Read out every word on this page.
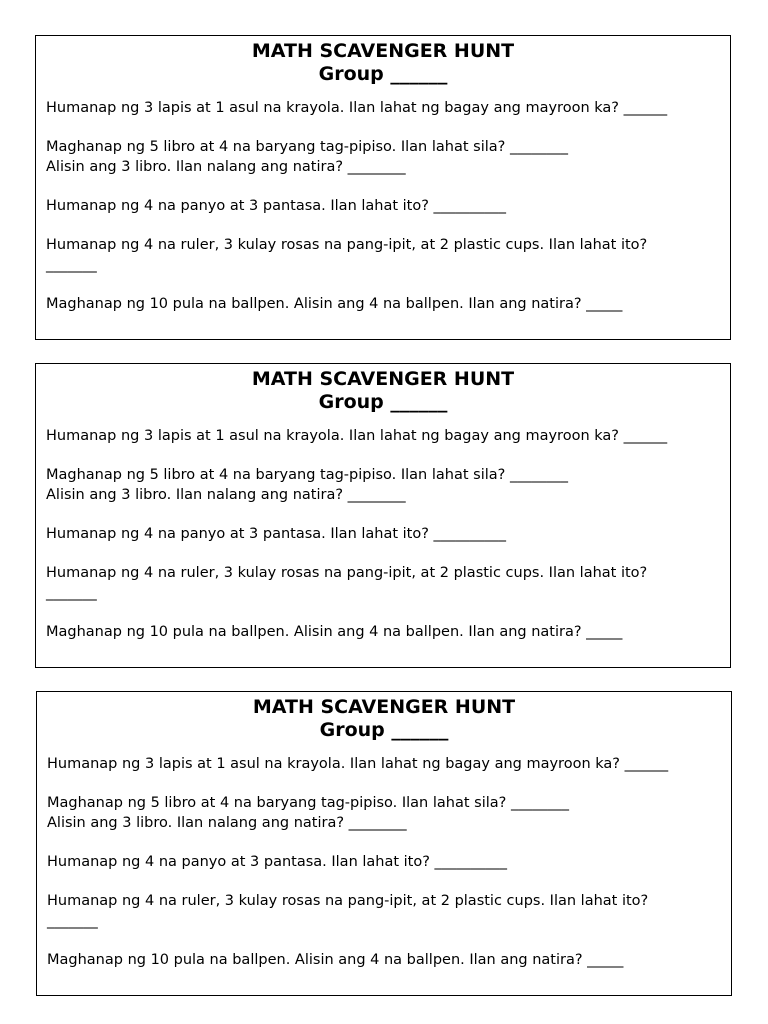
MATH SCAVENGER HUNT

Group ______

Humanap ng 3 lapis at 1 asul na krayola. Ilan lahat ng bagay ang mayroon ka? ______

Maghanap ng 5 libro at 4 na baryang tag-pipiso. Ilan lahat sila? ________
Alisin ang 3 libro. Ilan nalang ang natira? ________

Humanap ng 4 na panyo at 3 pantasa. Ilan lahat ito? __________

Humanap ng 4 na ruler, 3 kulay rosas na pang-ipit, at 2 plastic cups. Ilan lahat ito?
_______

Maghanap ng 10 pula na ballpen. Alisin ang 4 na ballpen. Ilan ang natira? _____

MATH SCAVENGER HUNT

Group ______

Humanap ng 3 lapis at 1 asul na krayola. Ilan lahat ng bagay ang mayroon ka? ______

Maghanap ng 5 libro at 4 na baryang tag-pipiso. Ilan lahat sila? ________
Alisin ang 3 libro. Ilan nalang ang natira? ________

Humanap ng 4 na panyo at 3 pantasa. Ilan lahat ito? __________

Humanap ng 4 na ruler, 3 kulay rosas na pang-ipit, at 2 plastic cups. Ilan lahat ito?
_______

Maghanap ng 10 pula na ballpen. Alisin ang 4 na ballpen. Ilan ang natira? _____

MATH SCAVENGER HUNT

Group ______

Humanap ng 3 lapis at 1 asul na krayola. Ilan lahat ng bagay ang mayroon ka? ______

Maghanap ng 5 libro at 4 na baryang tag-pipiso. Ilan lahat sila? ________
Alisin ang 3 libro. Ilan nalang ang natira? ________

Humanap ng 4 na panyo at 3 pantasa. Ilan lahat ito? __________

Humanap ng 4 na ruler, 3 kulay rosas na pang-ipit, at 2 plastic cups. Ilan lahat ito?
_______

Maghanap ng 10 pula na ballpen. Alisin ang 4 na ballpen. Ilan ang natira? _____
